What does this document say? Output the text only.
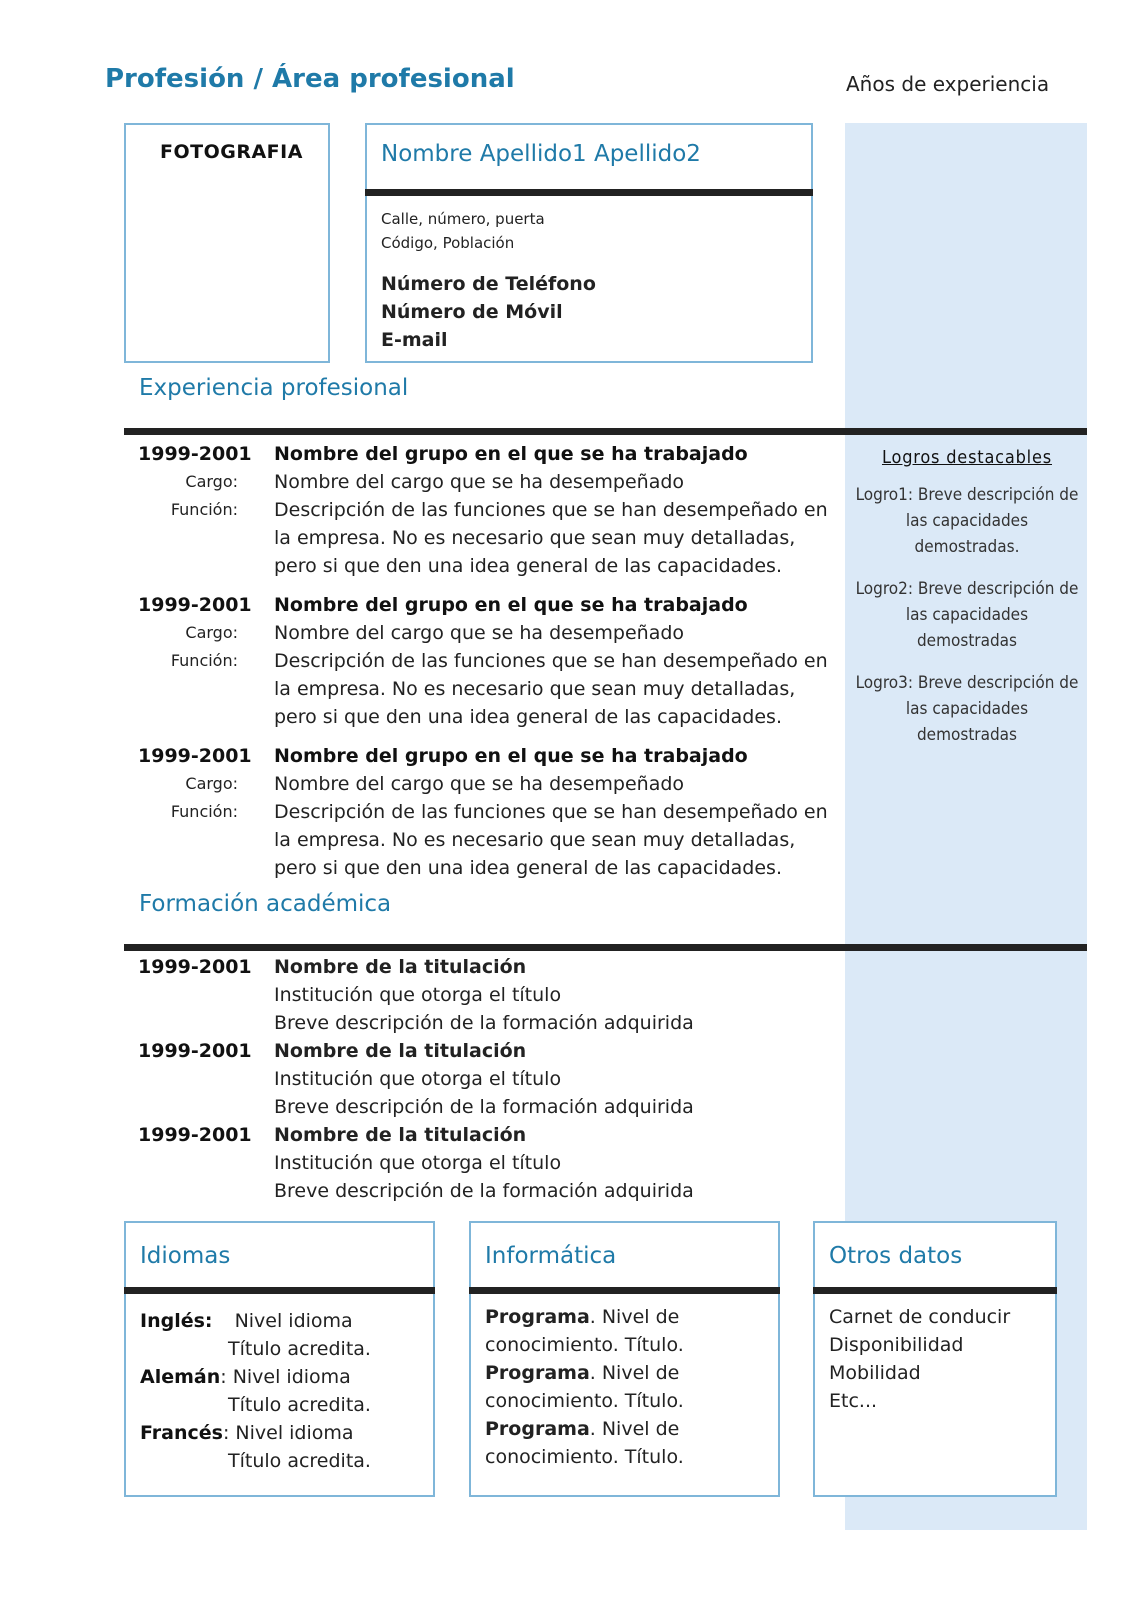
Profesión / Área profesional	Años de experiencia
FOTOGRAFIA	Nombre Apellido1 Apellido2
Calle, número, puerta
Código, Población
Número de Teléfono
Número de Móvil
E-mail
Experiencia profesional
1999-2001
Cargo:
Función:
Nombre del grupo en el que se ha trabajado
Nombre del cargo que se ha desempeñado
Descripción de las funciones que se han desempeñado en la empresa. No es necesario que sean muy detalladas, pero si que den una idea general de las capacidades.
1999-2001
Cargo:
Función:
Nombre del grupo en el que se ha trabajado
Nombre del cargo que se ha desempeñado
Descripción de las funciones que se han desempeñado en la empresa. No es necesario que sean muy detalladas, pero si que den una idea general de las capacidades.
1999-2001
Cargo:
Función:
Nombre del grupo en el que se ha trabajado
Nombre del cargo que se ha desempeñado
Descripción de las funciones que se han desempeñado en la empresa. No es necesario que sean muy detalladas, pero si que den una idea general de las capacidades.
Logros destacables
Logro1: Breve descripción de las capacidades demostradas.
Logro2: Breve descripción de las capacidades demostradas
Logro3: Breve descripción de las capacidades demostradas
Formación académica
1999-2001 Nombre de la titulación
Institución que otorga el título
Breve descripción de la formación adquirida
1999-2001 Nombre de la titulación
Institución que otorga el título
Breve descripción de la formación adquirida
1999-2001 Nombre de la titulación
Institución que otorga el título
Breve descripción de la formación adquirida
Idiomas
Inglés: Nivel idioma
Título acredita.
Alemán: Nivel idioma
Título acredita.
Francés: Nivel idioma
Título acredita.
Informática
Programa. Nivel de
conocimiento. Título.
Programa. Nivel de
conocimiento. Título.
Programa. Nivel de
conocimiento. Título.
Otros datos
Carnet de conducir
Disponibilidad
Mobilidad
Etc...
